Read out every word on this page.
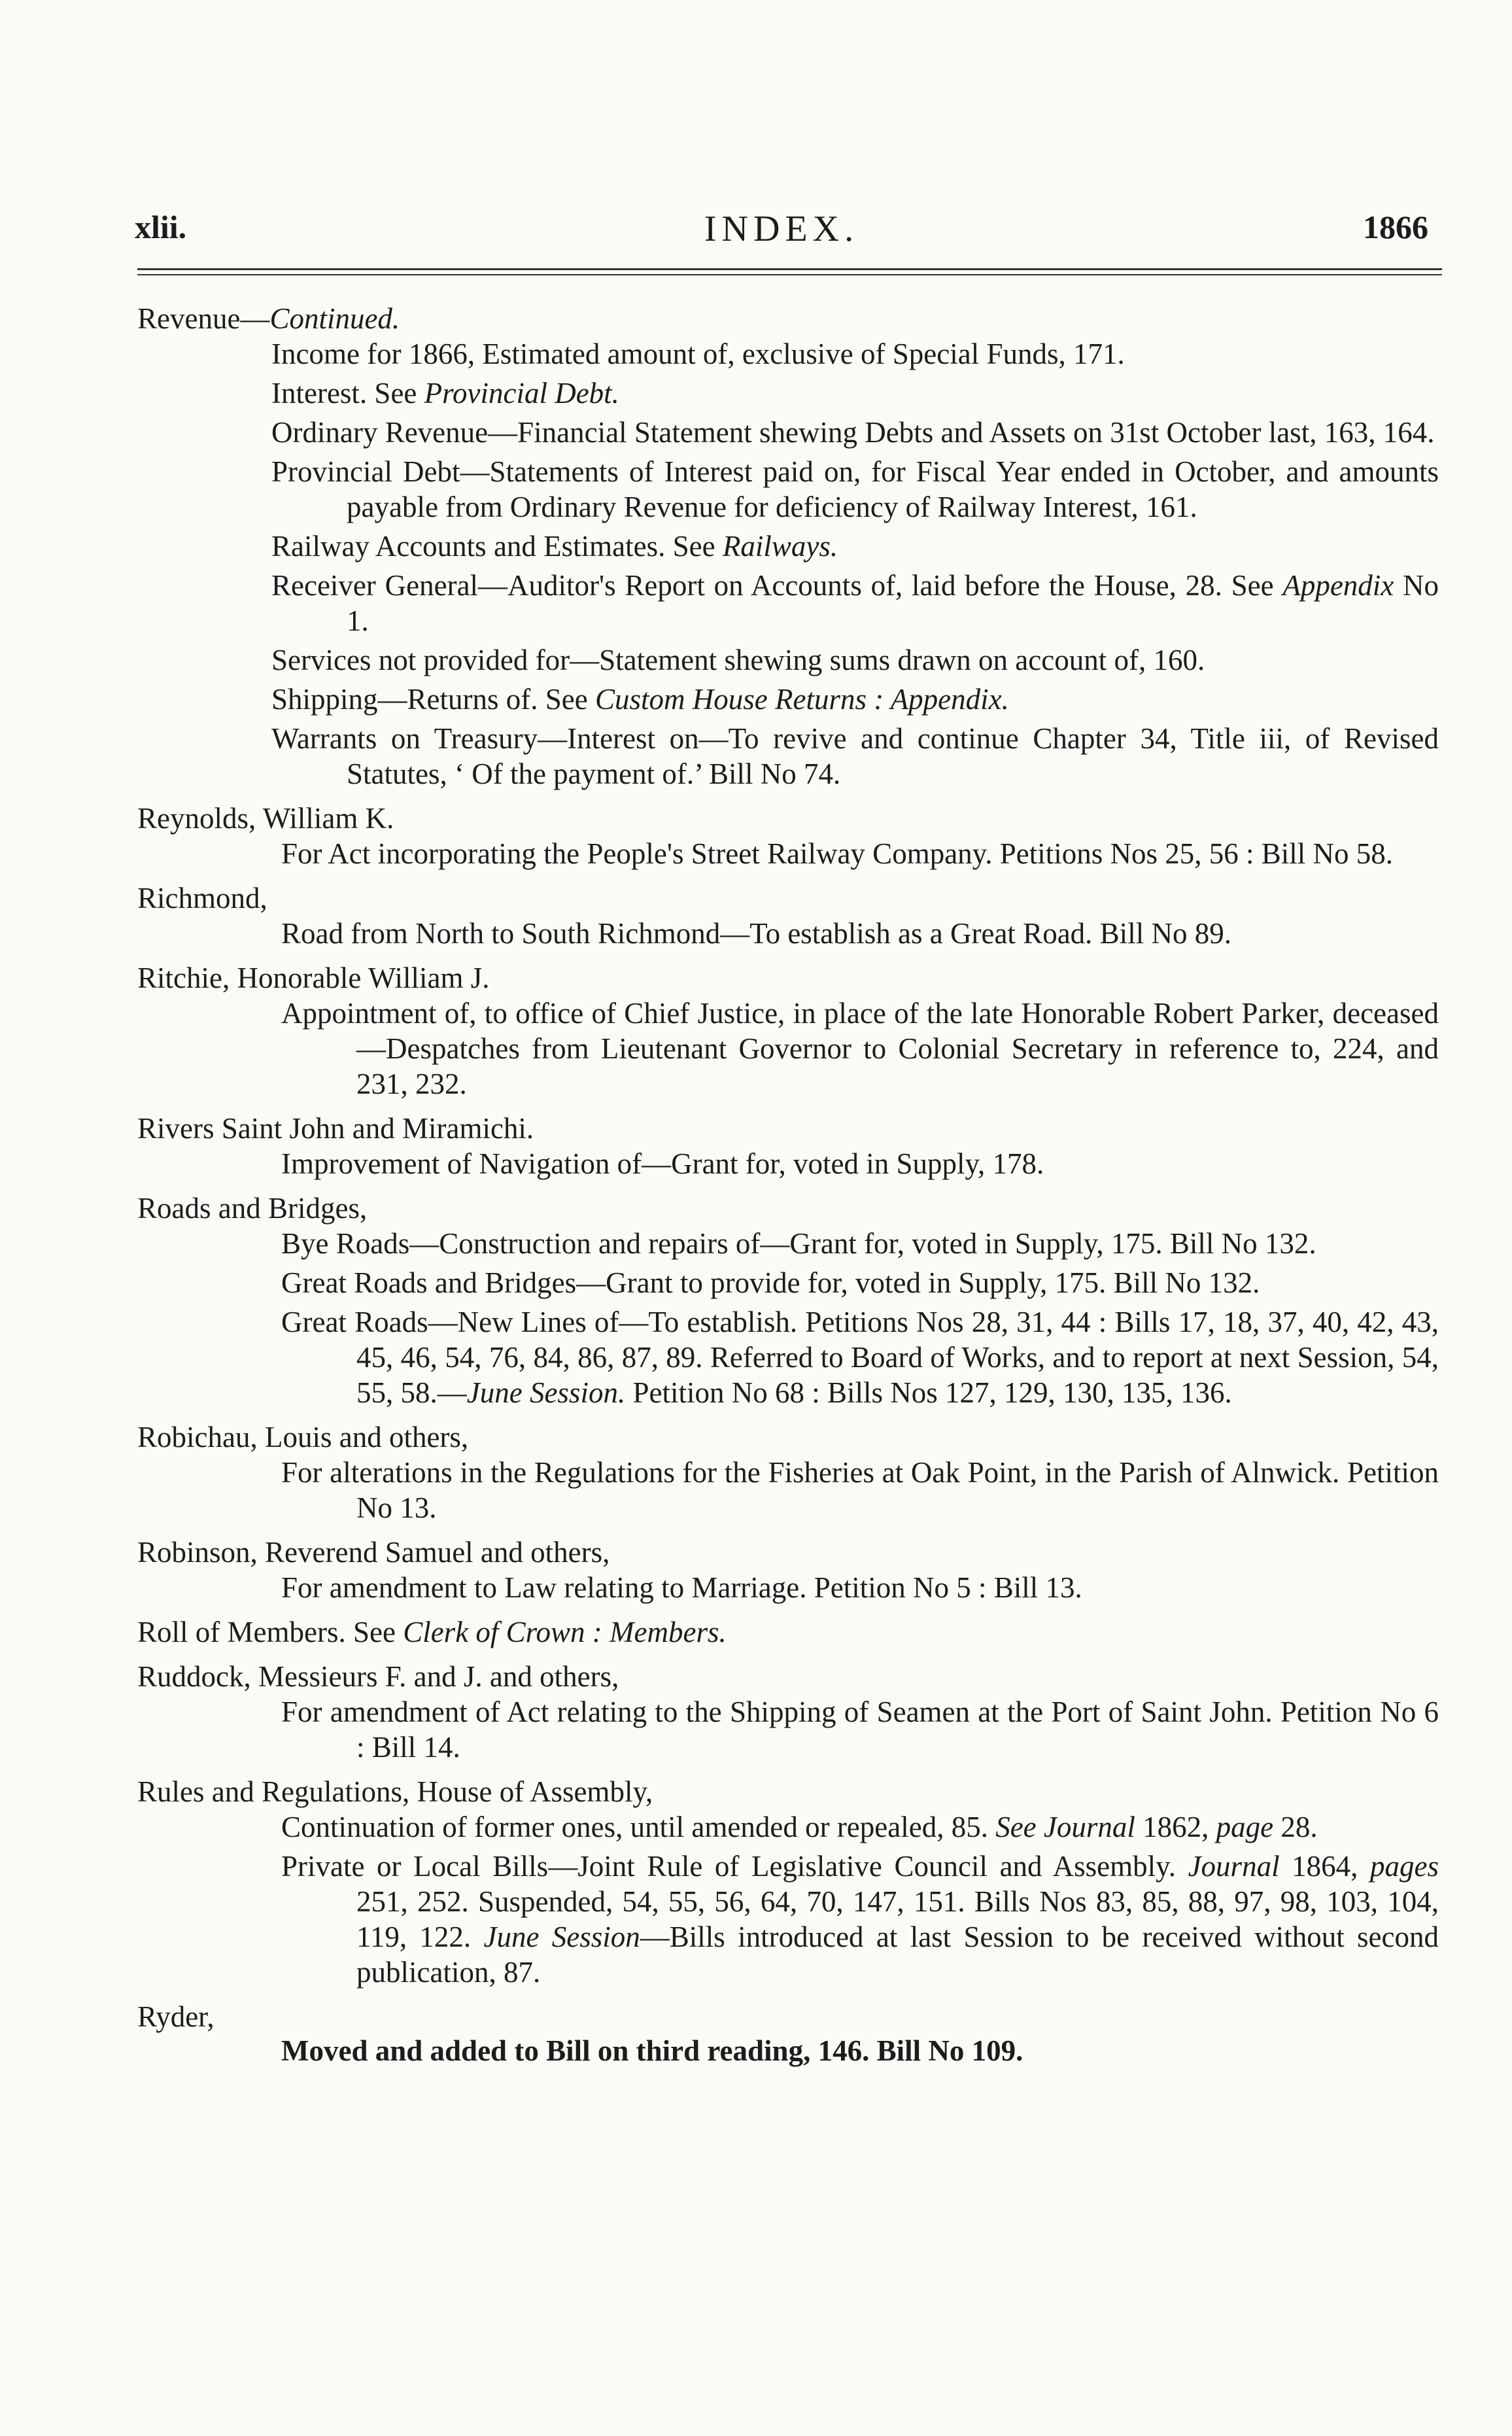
xlii.	INDEX.	1866
Revenue—Continued.
Income for 1866, Estimated amount of, exclusive of Special Funds, 171.
Interest. See Provincial Debt.
Ordinary Revenue—Financial Statement shewing Debts and Assets on 31st October last, 163, 164.
Provincial Debt—Statements of Interest paid on, for Fiscal Year ended in October, and amounts payable from Ordinary Revenue for deficiency of Railway Interest, 161.
Railway Accounts and Estimates. See Railways.
Receiver General—Auditor's Report on Accounts of, laid before the House, 28. See Appendix No 1.
Services not provided for—Statement shewing sums drawn on account of, 160.
Shipping—Returns of. See Custom House Returns : Appendix.
Warrants on Treasury—Interest on—To revive and continue Chapter 34, Title iii, of Revised Statutes, ‘ Of the payment of.’ Bill No 74.
Reynolds, William K.
For Act incorporating the People's Street Railway Company. Petitions Nos 25, 56 : Bill No 58.
Richmond,
Road from North to South Richmond—To establish as a Great Road. Bill No 89.
Ritchie, Honorable William J.
Appointment of, to office of Chief Justice, in place of the late Honorable Robert Parker, deceased—Despatches from Lieutenant Governor to Colonial Secretary in reference to, 224, and 231, 232.
Rivers Saint John and Miramichi.
Improvement of Navigation of—Grant for, voted in Supply, 178.
Roads and Bridges,
Bye Roads—Construction and repairs of—Grant for, voted in Supply, 175. Bill No 132.
Great Roads and Bridges—Grant to provide for, voted in Supply, 175. Bill No 132.
Great Roads—New Lines of—To establish. Petitions Nos 28, 31, 44 : Bills 17, 18, 37, 40, 42, 43, 45, 46, 54, 76, 84, 86, 87, 89. Referred to Board of Works, and to report at next Session, 54, 55, 58.—June Session. Petition No 68 : Bills Nos 127, 129, 130, 135, 136.
Robichau, Louis and others,
For alterations in the Regulations for the Fisheries at Oak Point, in the Parish of Alnwick. Petition No 13.
Robinson, Reverend Samuel and others,
For amendment to Law relating to Marriage. Petition No 5 : Bill 13.
Roll of Members. See Clerk of Crown : Members.
Ruddock, Messieurs F. and J. and others,
For amendment of Act relating to the Shipping of Seamen at the Port of Saint John. Petition No 6 : Bill 14.
Rules and Regulations, House of Assembly,
Continuation of former ones, until amended or repealed, 85. See Journal 1862, page 28.
Private or Local Bills—Joint Rule of Legislative Council and Assembly. Journal 1864, pages 251, 252. Suspended, 54, 55, 56, 64, 70, 147, 151. Bills Nos 83, 85, 88, 97, 98, 103, 104, 119, 122. June Session—Bills introduced at last Session to be received without second publication, 87.
Ryder,
Moved and added to Bill on third reading, 146. Bill No 109.
